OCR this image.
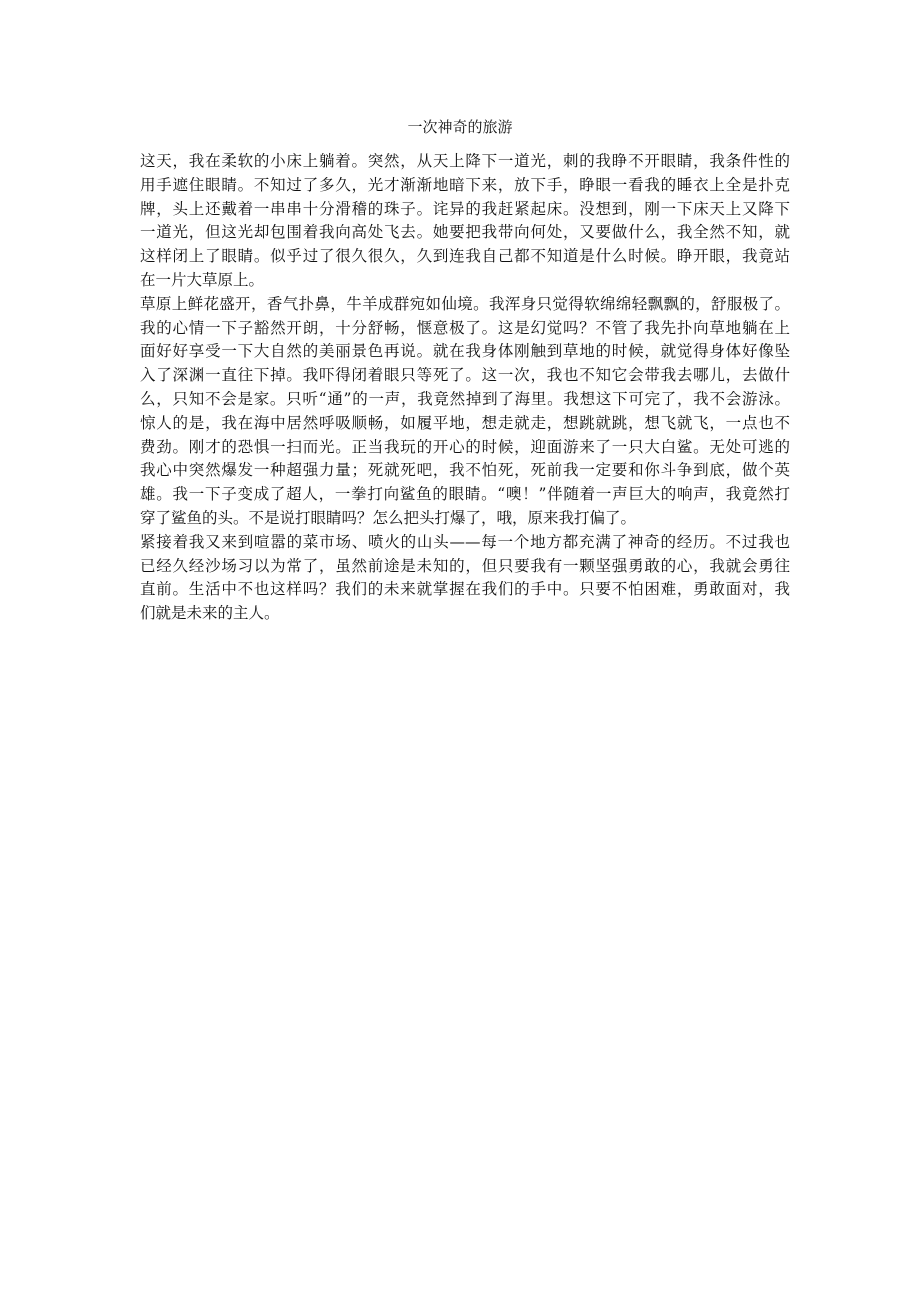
一次神奇的旅游
这天，我在柔软的小床上躺着。突然，从天上降下一道光，刺的我睁不开眼睛，我条件性的
用手遮住眼睛。不知过了多久，光才渐渐地暗下来，放下手，睁眼一看我的睡衣上全是扑克
牌，头上还戴着一串串十分滑稽的珠子。诧异的我赶紧起床。没想到，刚一下床天上又降下
一道光，但这光却包围着我向高处飞去。她要把我带向何处，又要做什么，我全然不知，就
这样闭上了眼睛。似乎过了很久很久，久到连我自己都不知道是什么时候。睁开眼，我竟站
在一片大草原上。
草原上鲜花盛开，香气扑鼻，牛羊成群宛如仙境。我浑身只觉得软绵绵轻飘飘的，舒服极了。
我的心情一下子豁然开朗，十分舒畅，惬意极了。这是幻觉吗？不管了我先扑向草地躺在上
面好好享受一下大自然的美丽景色再说。就在我身体刚触到草地的时候，就觉得身体好像坠
入了深渊一直往下掉。我吓得闭着眼只等死了。这一次，我也不知它会带我去哪儿，去做什
么，只知不会是家。只听“通”的一声，我竟然掉到了海里。我想这下可完了，我不会游泳。
惊人的是，我在海中居然呼吸顺畅，如履平地，想走就走，想跳就跳，想飞就飞，一点也不
费劲。刚才的恐惧一扫而光。正当我玩的开心的时候，迎面游来了一只大白鲨。无处可逃的
我心中突然爆发一种超强力量；死就死吧，我不怕死，死前我一定要和你斗争到底，做个英
雄。我一下子变成了超人，一拳打向鲨鱼的眼睛。“噢！”伴随着一声巨大的响声，我竟然打
穿了鲨鱼的头。不是说打眼睛吗？怎么把头打爆了，哦，原来我打偏了。
紧接着我又来到喧嚣的菜市场、喷火的山头——每一个地方都充满了神奇的经历。不过我也
已经久经沙场习以为常了，虽然前途是未知的，但只要我有一颗坚强勇敢的心，我就会勇往
直前。生活中不也这样吗？我们的未来就掌握在我们的手中。只要不怕困难，勇敢面对，我
们就是未来的主人。
